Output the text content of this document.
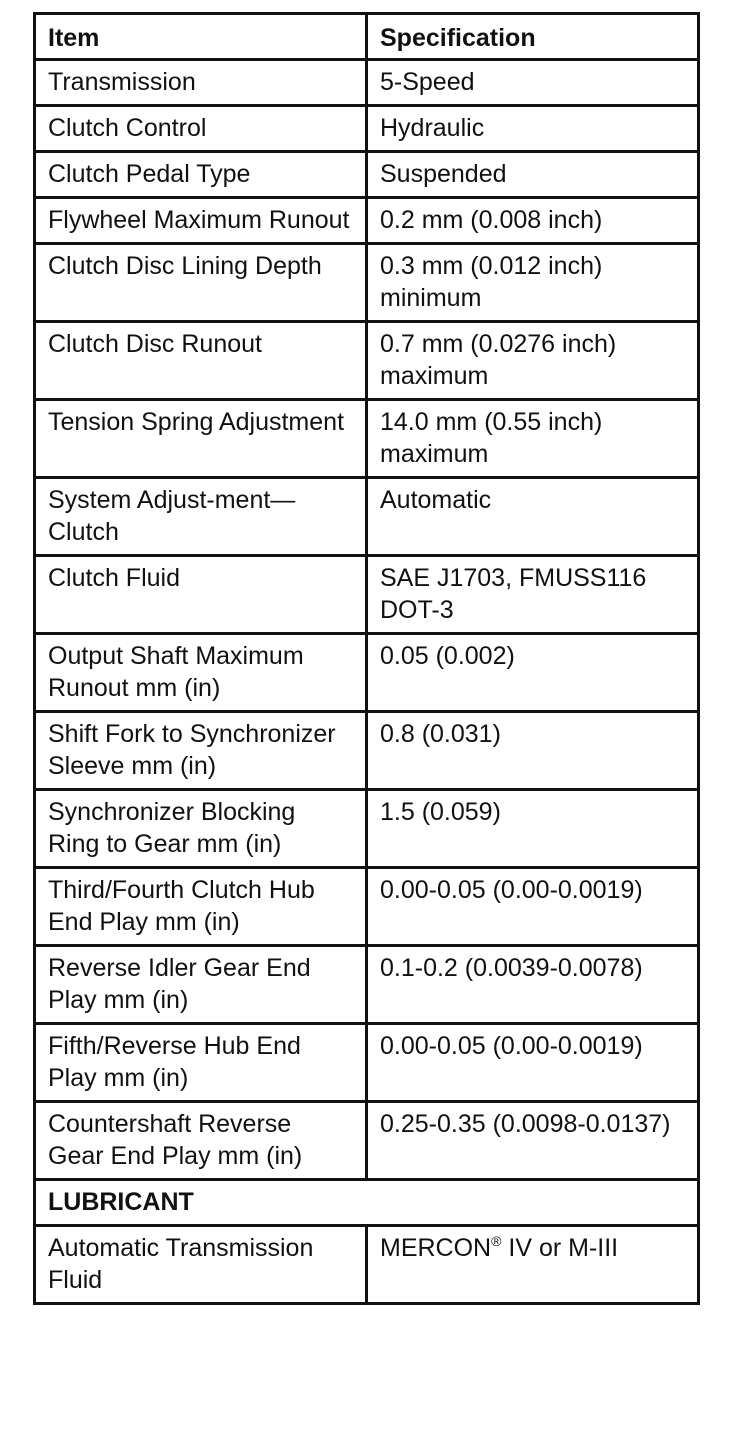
Item	Specification
Transmission	5-Speed
Clutch Control	Hydraulic
Clutch Pedal Type	Suspended
Flywheel Maximum Runout	0.2 mm (0.008 inch)
Clutch Disc Lining Depth	0.3 mm (0.012 inch) minimum
Clutch Disc Runout	0.7 mm (0.0276 inch) maximum
Tension Spring Adjustment	14.0 mm (0.55 inch) maximum
System Adjust-ment—Clutch	Automatic
Clutch Fluid	SAE J1703, FMUSS116 DOT-3
Output Shaft Maximum Runout mm (in)	0.05 (0.002)
Shift Fork to Synchronizer Sleeve mm (in)	0.8 (0.031)
Synchronizer Blocking Ring to Gear mm (in)	1.5 (0.059)
Third/Fourth Clutch Hub End Play mm (in)	0.00-0.05 (0.00-0.0019)
Reverse Idler Gear End Play mm (in)	0.1-0.2 (0.0039-0.0078)
Fifth/Reverse Hub End Play mm (in)	0.00-0.05 (0.00-0.0019)
Countershaft Reverse Gear End Play mm (in)	0.25-0.35 (0.0098-0.0137)
LUBRICANT	
Automatic Transmission Fluid	MERCON® IV or M-III
